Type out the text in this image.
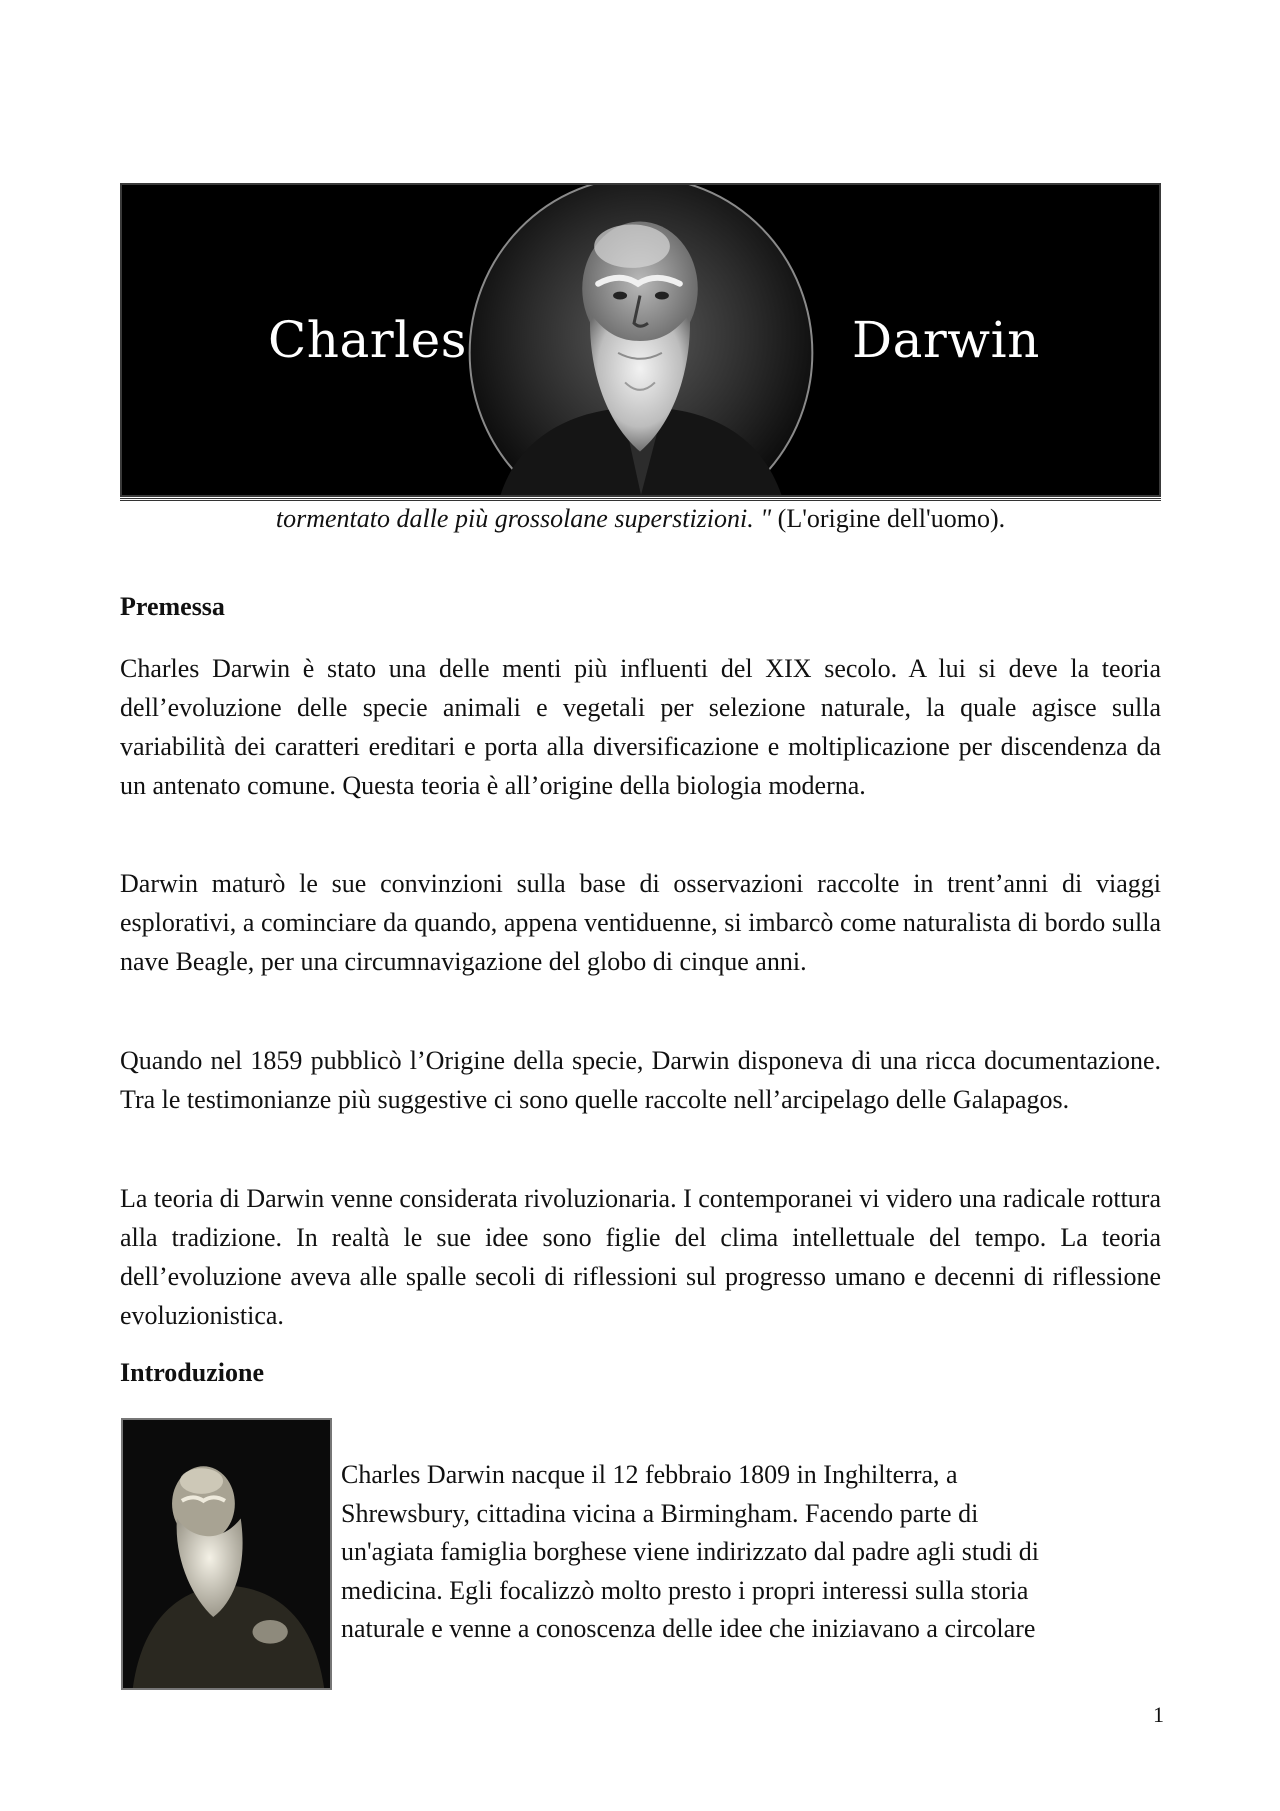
Charles	Darwin
tormentato dalle più grossolane superstizioni. " (L'origine dell'uomo).
Premessa

Charles Darwin è stato una delle menti più influenti del XIX secolo. A lui si deve la teoria dell’evoluzione delle specie animali e vegetali per selezione naturale, la quale agisce sulla variabilità dei caratteri ereditari e porta alla diversificazione e moltiplicazione per discendenza da un antenato comune. Questa teoria è all’origine della biologia moderna.

Darwin maturò le sue convinzioni sulla base di osservazioni raccolte in trent’anni di viaggi esplorativi, a cominciare da quando, appena ventiduenne, si imbarcò come naturalista di bordo sulla nave Beagle, per una circumnavigazione del globo di cinque anni.

Quando nel 1859 pubblicò l’Origine della specie, Darwin disponeva di una ricca documentazione. Tra le testimonianze più suggestive ci sono quelle raccolte nell’arcipelago delle Galapagos.

La teoria di Darwin venne considerata rivoluzionaria. I contemporanei vi videro una radicale rottura alla tradizione. In realtà le sue idee sono figlie del clima intellettuale del tempo. La teoria dell’evoluzione aveva alle spalle secoli di riflessioni sul progresso umano e decenni di riflessione evoluzionistica.

Introduzione
Charles Darwin nacque il 12 febbraio 1809 in Inghilterra, a
Shrewsbury, cittadina vicina a Birmingham. Facendo parte di
un'agiata famiglia borghese viene indirizzato dal padre agli studi di
medicina. Egli focalizzò molto presto i propri interessi sulla storia
naturale e venne a conoscenza delle idee che iniziavano a circolare
1
